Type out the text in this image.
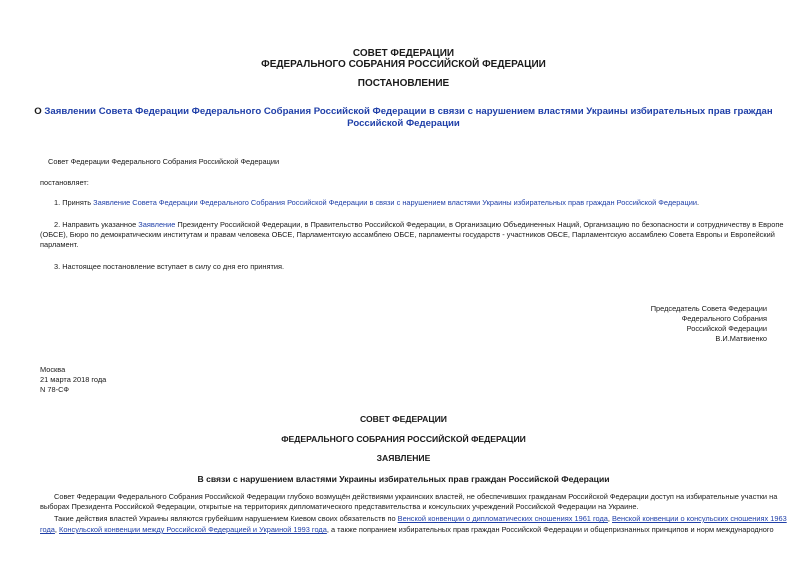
СОВЕТ ФЕДЕРАЦИИ
ФЕДЕРАЛЬНОГО СОБРАНИЯ РОССИЙСКОЙ ФЕДЕРАЦИИ
ПОСТАНОВЛЕНИЕ
О Заявлении Совета Федерации Федерального Собрания Российской Федерации в связи с нарушением властями Украины избирательных прав граждан
Российской Федерации
Совет Федерации Федерального Собрания Российской Федерации
постановляет:
1. Принять Заявление Совета Федерации Федерального Собрания Российской Федерации в связи с нарушением властями Украины избирательных прав граждан Российской Федерации.
2. Направить указанное Заявление Президенту Российской Федерации, в Правительство Российской Федерации, в Организацию Объединенных Наций, Организацию по безопасности и сотрудничеству в Европе
(ОБСЕ), Бюро по демократическим институтам и правам человека ОБСЕ, Парламентскую ассамблею ОБСЕ, парламенты государств - участников ОБСЕ, Парламентскую ассамблею Совета Европы и Европейский
парламент.
3. Настоящее постановление вступает в силу со дня его принятия.
Председатель Совета Федерации
Федерального Собрания
Российской Федерации
В.И.Матвиенко
Москва
21 марта 2018 года
N 78-СФ
СОВЕТ ФЕДЕРАЦИИ
ФЕДЕРАЛЬНОГО СОБРАНИЯ РОССИЙСКОЙ ФЕДЕРАЦИИ
ЗАЯВЛЕНИЕ
В связи с нарушением властями Украины избирательных прав граждан Российской Федерации
Совет Федерации Федерального Собрания Российской Федерации глубоко возмущён действиями украинских властей, не обеспечивших гражданам Российской Федерации доступ на избирательные участки на
выборах Президента Российской Федерации, открытые на территориях дипломатического представительства и консульских учреждений Российской Федерации на Украине.
Такие действия властей Украины являются грубейшим нарушением Киевом своих обязательств по Венской конвенции о дипломатических сношениях 1961 года, Венской конвенции о консульских сношениях 1963
года, Консульской конвенции между Российской Федерацией и Украиной 1993 года, а также попранием избирательных прав граждан Российской Федерации и общепризнанных принципов и норм международного
